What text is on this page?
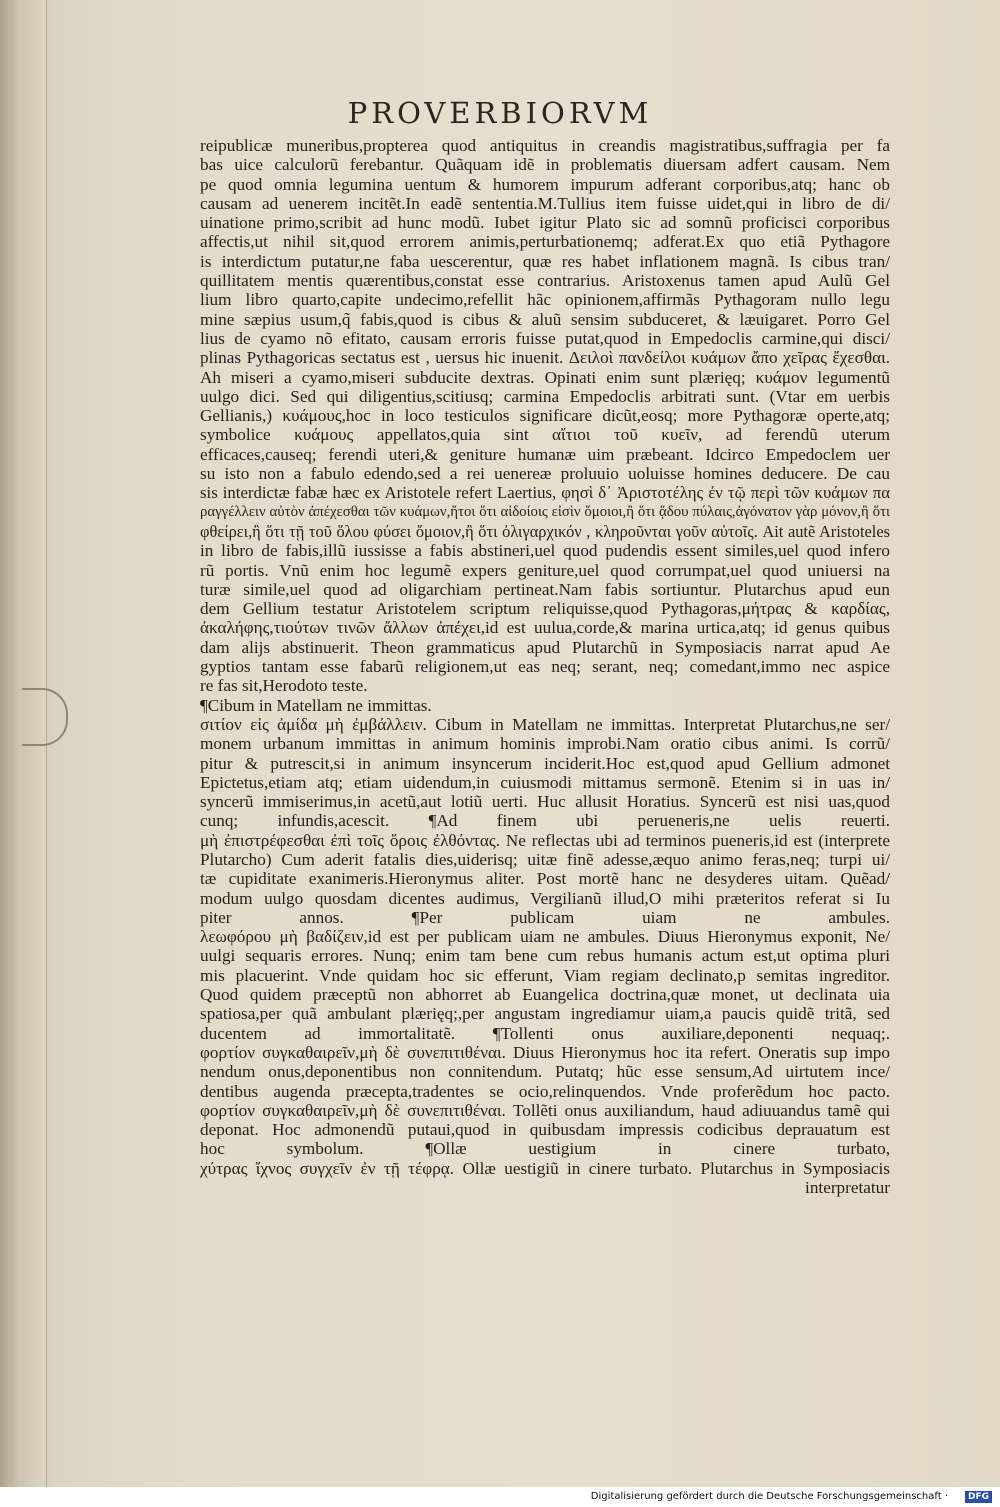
PROVERBIORVM
reipublicæ muneribus,propterea quod antiquitus in creandis magistratibus,suffragia per fa
bas uice calculorũ ferebantur. Quãquam idẽ in problematis diuersam adfert causam. Nem
pe quod omnia legumina uentum & humorem impurum adferant corporibus,atq; hanc ob
causam ad uenerem incitẽt.In eadẽ sententia.M.Tullius item fuisse uidet,qui in libro de di/
uinatione primo,scribit ad hunc modũ. Iubet igitur Plato sic ad somnũ proficisci corporibus
affectis,ut nihil sit,quod errorem animis,perturbationemq; adferat.Ex quo etiã Pythagore
is interdictum putatur,ne faba uescerentur, quæ res habet inflationem magnã. Is cibus tran/
quillitatem mentis quærentibus,constat esse contrarius. Aristoxenus tamen apud Aulũ Gel
lium libro quarto,capite undecimo,refellit hãc opinionem,affirmãs Pythagoram nullo legu
mine sæpius usum,q̃ fabis,quod is cibus & aluũ sensim subduceret, & læuigaret. Porro Gel
lius de cyamo nõ efitato, causam erroris fuisse putat,quod in Empedoclis carmine,qui disci/
plinas Pythagoricas sectatus est , uersus hic inuenit. Δειλοὶ πανδείλοι κυάμων ἄπο χεῖρας ἔχεσθαι.
Ah miseri a cyamo,miseri subducite dextras. Opinati enim sunt plærięq; κυάμον legumentũ
uulgo dici. Sed qui diligentius,scitiusq; carmina Empedoclis arbitrati sunt. (Vtar em uerbis
Gellianis,) κυάμους,hoc in loco testiculos significare dicũt,eosq; more Pythagoræ operte,atq;
symbolice κυάμους appellatos,quia sint αἴτιοι τοῦ κυεῖν, ad ferendũ uterum
efficaces,causeq; ferendi uteri,& geniture humanæ uim præbeant. Idcirco Empedoclem uer
su isto non a fabulo edendo,sed a rei uenereæ proluuio uoluisse homines deducere. De cau
sis interdictæ fabæ hæc ex Aristotele refert Laertius, φησὶ δ᾽ Ἀριστοτέλης ἐν τῷ περὶ τῶν κυάμων πα
ραγγέλλειν αὐτὸν ἀπέχεσθαι τῶν κυάμων,ἤτοι ὅτι αἰδοίοις εἰσὶν ὅμοιοι,ἢ ὅτι ᾅδου πύλαις,ἀγόνατον γὰρ μόνον,ἢ ὅτι
φθείρει,ἢ ὅτι τῇ τοῦ ὅλου φύσει ὅμοιον,ἢ ὅτι ὀλιγαρχικόν , κληροῦνται γοῦν αὐτοῖς. Ait autẽ Aristoteles
in libro de fabis,illũ iussisse a fabis abstineri,uel quod pudendis essent similes,uel quod infero
rũ portis. Vnũ enim hoc legumẽ expers geniture,uel quod corrumpat,uel quod uniuersi na
turæ simile,uel quod ad oligarchiam pertineat.Nam fabis sortiuntur. Plutarchus apud eun
dem Gellium testatur Aristotelem scriptum reliquisse,quod Pythagoras,μήτρας & καρδίας,
ἀκαλήφης,τιούτων τινῶν ἄλλων ἀπέχει,id est uulua,corde,& marina urtica,atq; id genus quibus
dam alijs abstinuerit. Theon grammaticus apud Plutarchũ in Symposiacis narrat apud Ae
gyptios tantam esse fabarũ religionem,ut eas neq; serant, neq; comedant,immo nec aspice
re fas sit,Herodoto teste.
¶Cibum in Matellam ne immittas.
σιτίον εἰς ἀμίδα μὴ ἐμβάλλειν. Cibum in Matellam ne immittas. Interpretat Plutarchus,ne ser/
monem urbanum immittas in animum hominis improbi.Nam oratio cibus animi. Is corrũ/
pitur & putrescit,si in animum insyncerum inciderit.Hoc est,quod apud Gellium admonet
Epictetus,etiam atq; etiam uidendum,in cuiusmodi mittamus sermonẽ. Etenim si in uas in/
syncerũ immiserimus,in acetũ,aut lotiũ uerti. Huc allusit Horatius. Syncerũ est nisi uas,quod
cunq; infundis,acescit. ¶Ad finem ubi perueneris,ne uelis reuerti.
μὴ ἐπιστρέφεσθαι ἐπὶ τοῖς ὅροις ἐλθόντας. Ne reflectas ubi ad terminos pueneris,id est (interprete
Plutarcho) Cum aderit fatalis dies,uiderisq; uitæ finẽ adesse,æquo animo feras,neq; turpi ui/
tæ cupiditate exanimeris.Hieronymus aliter. Post mortẽ hanc ne desyderes uitam. Quẽad/
modum uulgo quosdam dicentes audimus, Vergilianũ illud,O mihi præteritos referat si Iu
piter annos. ¶Per publicam uiam ne ambules.
λεωφόρου μὴ βαδίζειν,id est per publicam uiam ne ambules. Diuus Hieronymus exponit, Ne/
uulgi sequaris errores. Nunq; enim tam bene cum rebus humanis actum est,ut optima pluri
mis placuerint. Vnde quidam hoc sic efferunt, Viam regiam declinato,p semitas ingreditor.
Quod quidem præceptũ non abhorret ab Euangelica doctrina,quæ monet, ut declinata uia
spatiosa,per quã ambulant plærięq;,per angustam ingrediamur uiam,a paucis quidẽ tritã, sed
ducentem ad immortalitatẽ. ¶Tollenti onus auxiliare,deponenti nequaq;.
φορτίον συγκαθαιρεῖν,μὴ δὲ συνεπιτιθέναι. Diuus Hieronymus hoc ita refert. Oneratis sup impo
nendum onus,deponentibus non connitendum. Putatq; hũc esse sensum,Ad uirtutem ince/
dentibus augenda præcepta,tradentes se ocio,relinquendos. Vnde proferẽdum hoc pacto.
φορτίον συγκαθαιρεῖν,μὴ δὲ συνεπιτιθέναι. Tollẽti onus auxiliandum, haud adiuuandus tamẽ qui
deponat. Hoc admonendũ putaui,quod in quibusdam impressis codicibus deprauatum est
hoc symbolum. ¶Ollæ uestigium in cinere turbato,
χύτρας ἴχνος συγχεῖν ἐν τῇ τέφρᾳ. Ollæ uestigiũ in cinere turbato. Plutarchus in Symposiacis
interpretatur
Digitalisierung gefördert durch die Deutsche Forschungsgemeinschaft ·	DFG
